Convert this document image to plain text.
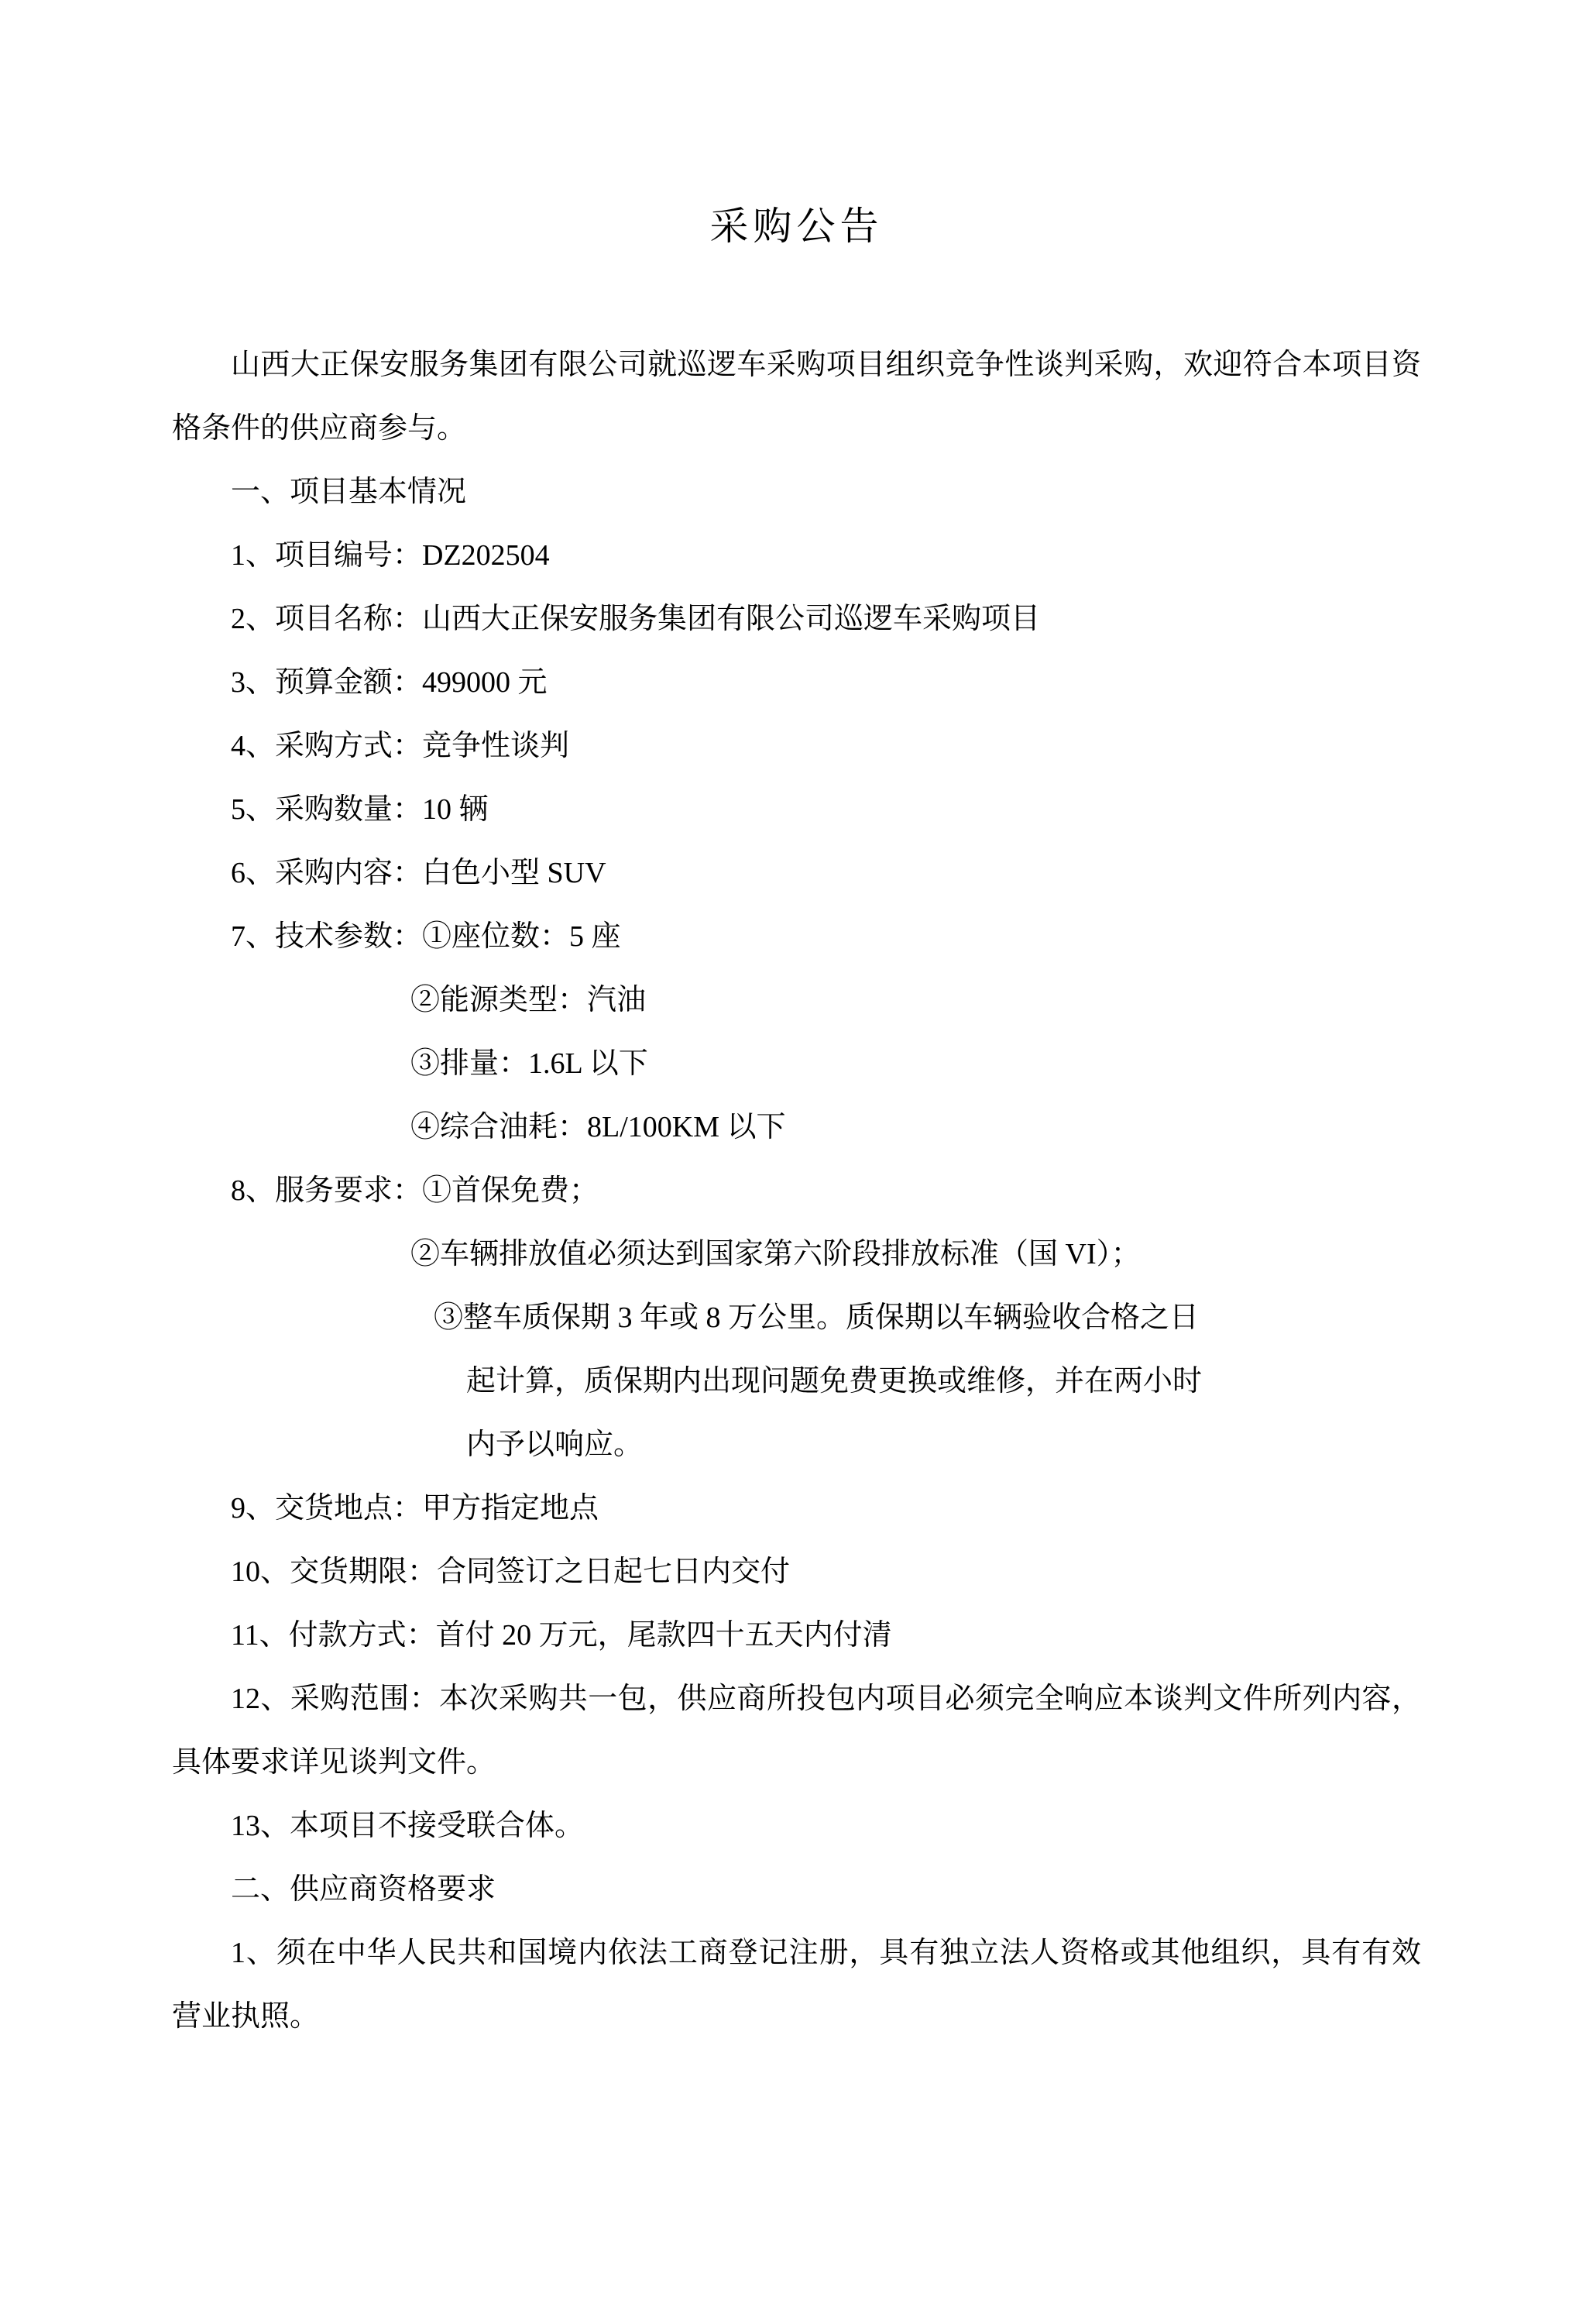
采购公告

山西大正保安服务集团有限公司就巡逻车采购项目组织竞争性谈判采购，欢迎符合本项目资格条件的供应商参与。

一、项目基本情况

1、项目编号：DZ202504

2、项目名称：山西大正保安服务集团有限公司巡逻车采购项目

3、预算金额：499000 元

4、采购方式：竞争性谈判

5、采购数量：10 辆

6、采购内容：白色小型 SUV

7、技术参数：①座位数：5 座

②能源类型：汽油

③排量：1.6L 以下

④综合油耗：8L/100KM 以下

8、服务要求：①首保免费；

②车辆排放值必须达到国家第六阶段排放标准（国 VI）；

③整车质保期 3 年或 8 万公里。质保期以车辆验收合格之日
起计算，质保期内出现问题免费更换或维修，并在两小时
内予以响应。

9、交货地点：甲方指定地点

10、交货期限：合同签订之日起七日内交付

11、付款方式：首付 20 万元，尾款四十五天内付清

12、采购范围：本次采购共一包，供应商所投包内项目必须完全响应本谈判文件所列内容，具体要求详见谈判文件。

13、本项目不接受联合体。

二、供应商资格要求

1、须在中华人民共和国境内依法工商登记注册，具有独立法人资格或其他组织，具有有效营业执照。
